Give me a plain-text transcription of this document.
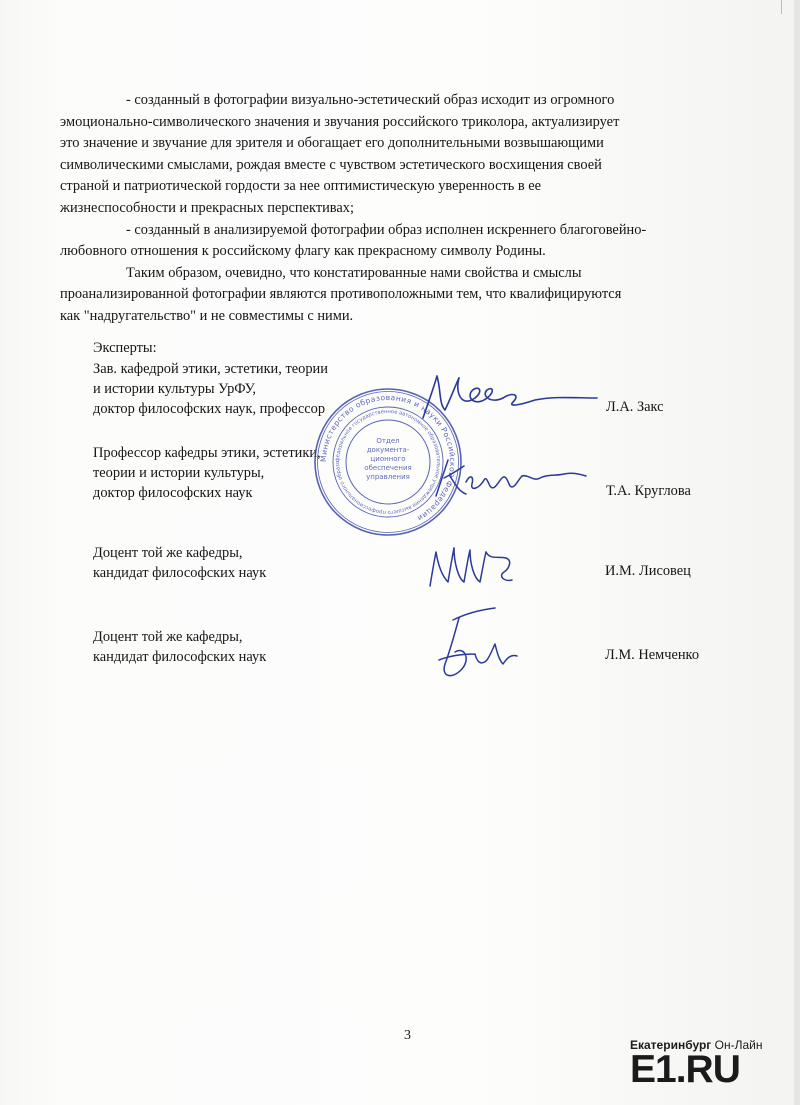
- созданный в фотографии визуально-эстетический образ исходит из огромного
эмоционально-символического значения и звучания российского триколора, актуализирует
это значение и звучание для зрителя и обогащает его дополнительными возвышающими
символическими смыслами, рождая вместе с чувством эстетического восхищения своей
страной и патриотической гордости за нее оптимистическую уверенность в ее
жизнеспособности и прекрасных перспективах;

- созданный в анализируемой фотографии образ исполнен искреннего благоговейно-
любовного отношения к российскому флагу как прекрасному символу Родины.

Таким образом, очевидно, что констатированные нами свойства и смыслы
проанализированной фотографии являются противоположными тем, что квалифицируются
как "надругательство" и не совместимы с ними.

Эксперты:
Зав. кафедрой этики, эстетики, теории
и истории культуры УрФУ,
доктор философских наук, профессор	Л.А. Закс
Профессор кафедры этики, эстетики,
теории и истории культуры,
доктор философских наук	Т.А. Круглова
Доцент той же кафедры,
кандидат философских наук	И.М. Лисовец
Доцент той же кафедры,
кандидат философских наук	Л.М. Немченко
Министерство образования и науки Российской Федерации
федеральное государственное автономное образовательное учреждение высшего профессионального образо
Отдел
документа-
ционного
обеспечения
управления
3
Екатеринбург Он-Лайн
E1.RU
